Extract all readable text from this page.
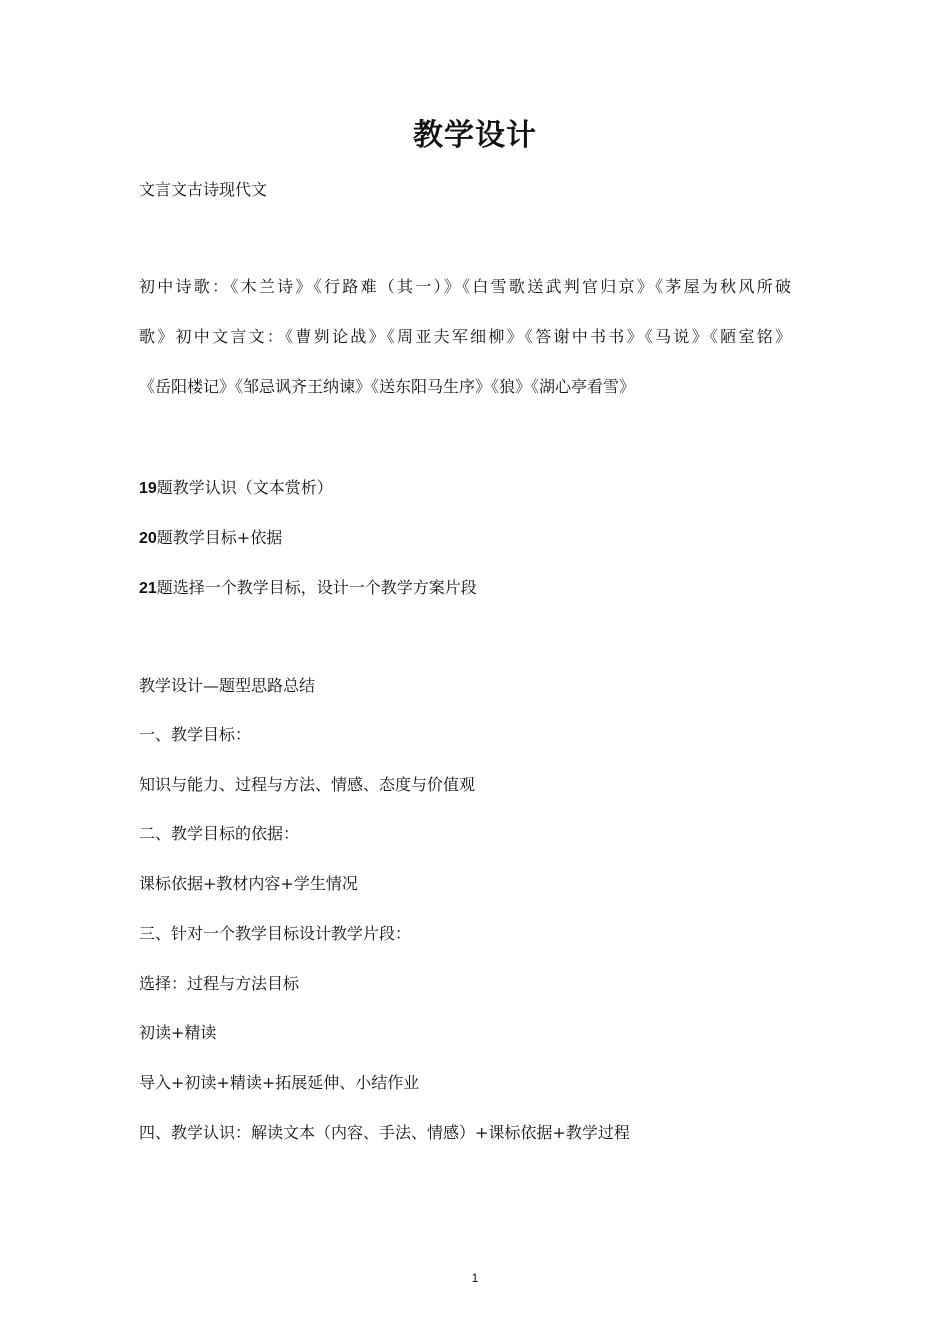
教学设计
文言文古诗现代文
初中诗歌：《木兰诗》《行路难（其一）》《白雪歌送武判官归京》《茅屋为秋风所破
歌》初中文言文：《曹刿论战》《周亚夫军细柳》《答谢中书书》《马说》《陋室铭》
《岳阳楼记》《邹忌讽齐王纳谏》《送东阳马生序》《狼》《湖心亭看雪》
19题教学认识（文本赏析）
20题教学目标+依据
21题选择一个教学目标，设计一个教学方案片段
教学设计—题型思路总结
一、教学目标：
知识与能力、过程与方法、情感、态度与价值观
二、教学目标的依据：
课标依据+教材内容+学生情况
三、针对一个教学目标设计教学片段：
选择：过程与方法目标
初读+精读
导入+初读+精读+拓展延伸、小结作业
四、教学认识：解读文本（内容、手法、情感）+课标依据+教学过程
1
